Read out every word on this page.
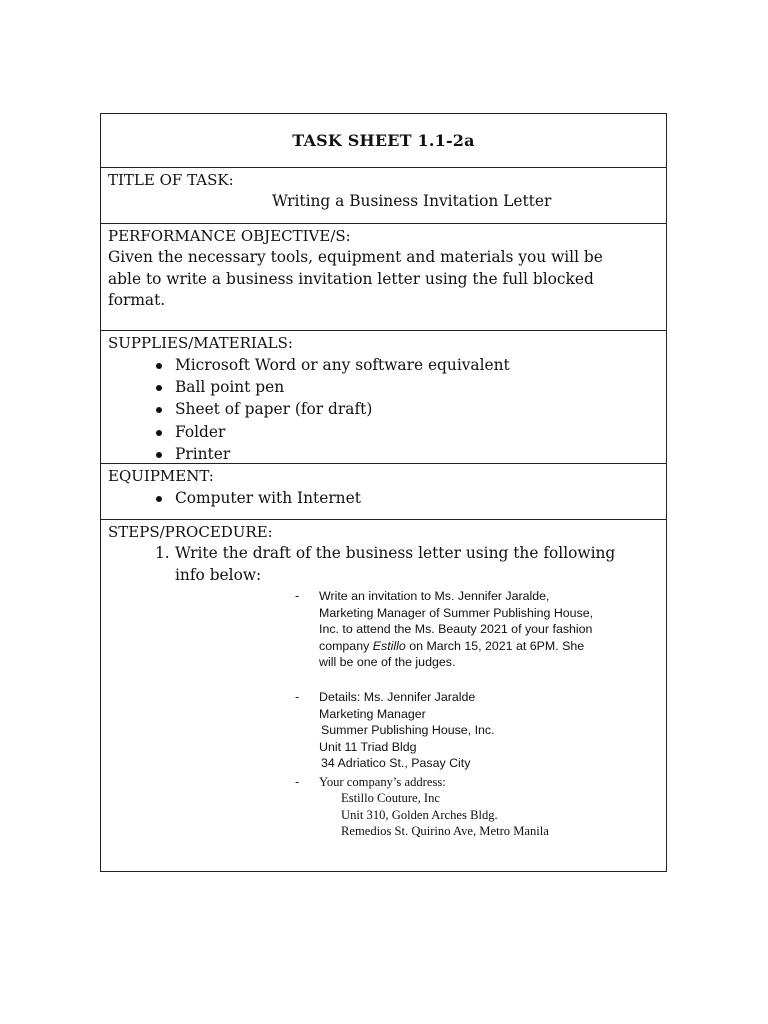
TASK SHEET 1.1-2a
TITLE OF TASK:
Writing a Business Invitation Letter
PERFORMANCE OBJECTIVE/S:
Given the necessary tools, equipment and materials you will be
able to write a business invitation letter using the full blocked
format.
SUPPLIES/MATERIALS:
Microsoft Word or any software equivalent
Ball point pen
Sheet of paper (for draft)
Folder
Printer
EQUIPMENT:
Computer with Internet
STEPS/PROCEDURE:
1. Write the draft of the business letter using the following
info below:
- Write an invitation to Ms. Jennifer Jaralde,
Marketing Manager of Summer Publishing House,
Inc. to attend the Ms. Beauty 2021 of your fashion
company Estillo on March 15, 2021 at 6PM. She
will be one of the judges.
- Details: Ms. Jennifer Jaralde
Marketing Manager
Summer Publishing House, Inc.
Unit 11 Triad Bldg
34 Adriatico St., Pasay City
- Your company’s address:
Estillo Couture, Inc
Unit 310, Golden Arches Bldg.
Remedios St. Quirino Ave, Metro Manila
